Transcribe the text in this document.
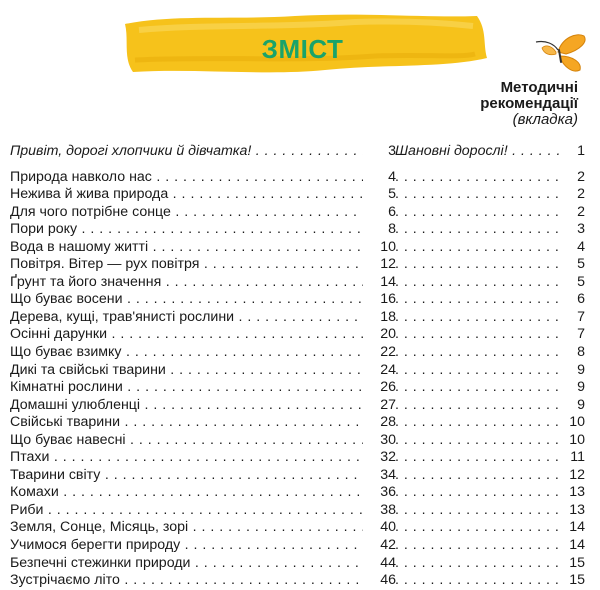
ЗМІСТ
Методичні
рекомендації
(вкладка)
Привіт, дорогі хлопчики й дівчатка! . . .	3 Шановні дорослі! . . .	1
Природа навколо нас . . .	4 . . .	2
Нежива й жива природа . . .	5 . . .	2
Для чого потрібне сонце . . .	6 . . .	2
Пори року . . .	8 . . .	3
Вода в нашому житті . . .	10 . . .	4
Повітря. Вітер — рух повітря . . .	12 . . .	5
Ґрунт та його значення . . .	14 . . .	5
Що буває восени . . .	16 . . .	6
Дерева, кущі, трав'янисті рослини . . .	18 . . .	7
Осінні дарунки . . .	20 . . .	7
Що буває взимку . . .	22 . . .	8
Дикі та свійські тварини . . .	24 . . .	9
Кімнатні рослини . . .	26 . . .	9
Домашні улюбленці . . .	27 . . .	9
Свійські тварини . . .	28 . . .	10
Що буває навесні . . .	30 . . .	10
Птахи . . .	32 . . .	11
Тварини світу . . .	34 . . .	12
Комахи . . .	36 . . .	13
Риби . . .	38 . . .	13
Земля, Сонце, Місяць, зорі . . .	40 . . .	14
Учимося берегти природу . . .	42 . . .	14
Безпечні стежинки природи . . .	44 . . .	15
Зустрічаємо літо . . .	46 . . .	15
